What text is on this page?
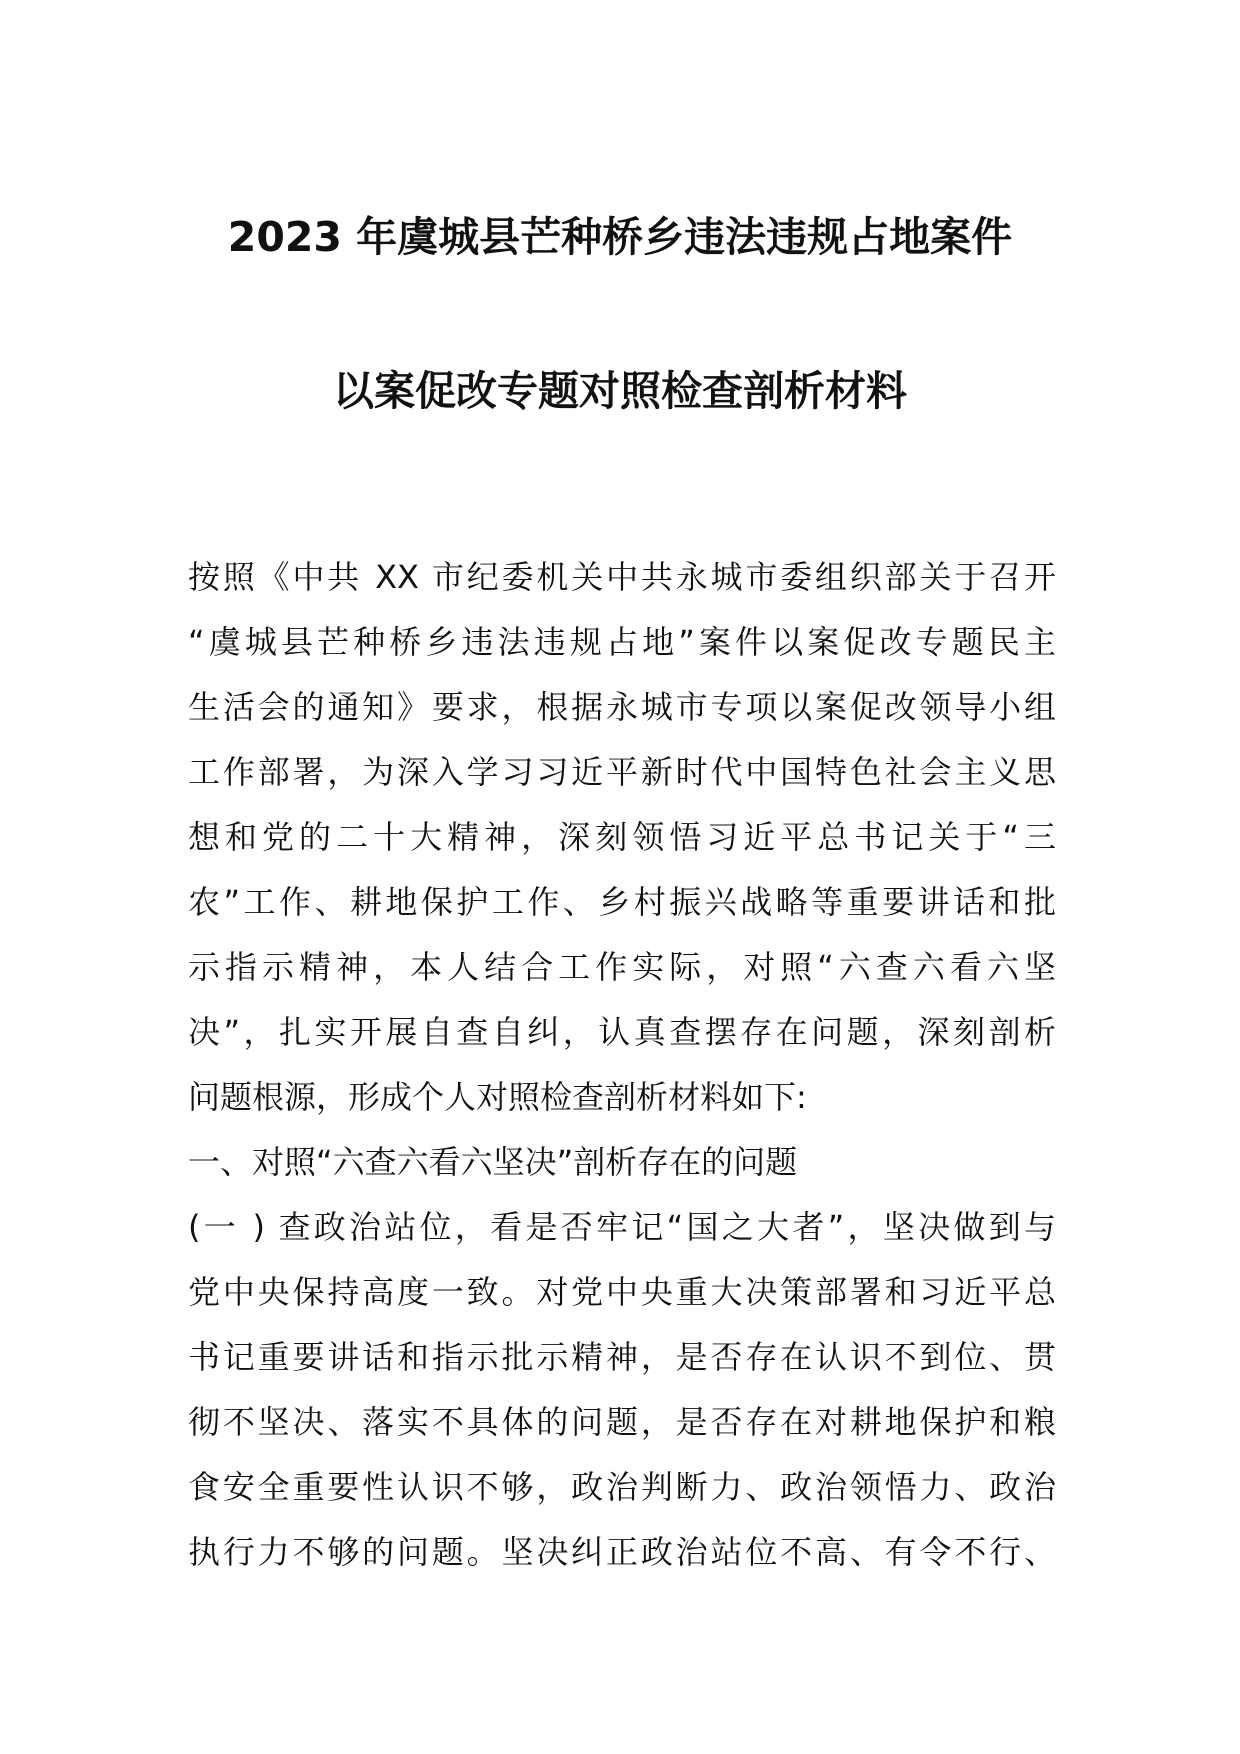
2023 年虞城县芒种桥乡违法违规占地案件
以案促改专题对照检查剖析材料
按照《中共 XX 市纪委机关中共永城市委组织部关于召开
“虞城县芒种桥乡违法违规占地”案件以案促改专题民主
生活会的通知》要求，根据永城市专项以案促改领导小组
工作部署，为深入学习习近平新时代中国特色社会主义思
想和党的二十大精神，深刻领悟习近平总书记关于“三
农”工作、耕地保护工作、乡村振兴战略等重要讲话和批
示指示精神，本人结合工作实际，对照“六查六看六坚
决”，扎实开展自查自纠，认真查摆存在问题，深刻剖析
问题根源，形成个人对照检查剖析材料如下:
一、对照“六查六看六坚决”剖析存在的问题
(一 ) 查政治站位，看是否牢记“国之大者”，坚决做到与
党中央保持高度一致。对党中央重大决策部署和习近平总
书记重要讲话和指示批示精神，是否存在认识不到位、贯
彻不坚决、落实不具体的问题，是否存在对耕地保护和粮
食安全重要性认识不够，政治判断力、政治领悟力、政治
执行力不够的问题。坚决纠正政治站位不高、有令不行、
